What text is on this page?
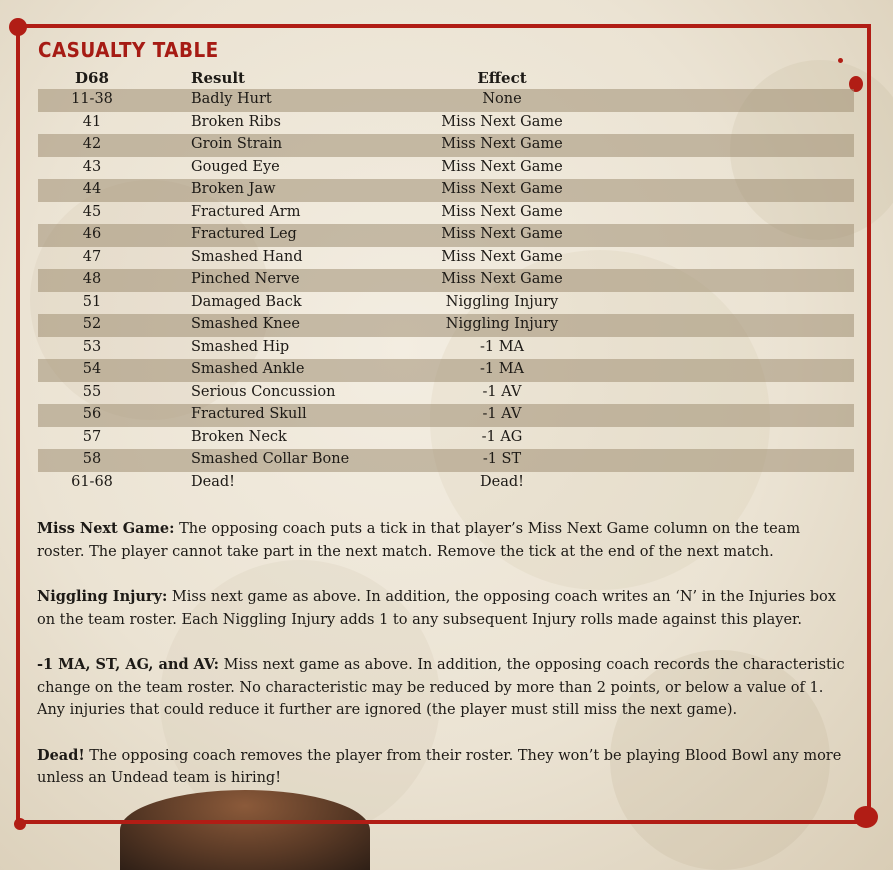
CASUALTY TABLE
D68	Result	Effect
11-38	Badly Hurt	None
41	Broken Ribs	Miss Next Game
42	Groin Strain	Miss Next Game
43	Gouged Eye	Miss Next Game
44	Broken Jaw	Miss Next Game
45	Fractured Arm	Miss Next Game
46	Fractured Leg	Miss Next Game
47	Smashed Hand	Miss Next Game
48	Pinched Nerve	Miss Next Game
51	Damaged Back	Niggling Injury
52	Smashed Knee	Niggling Injury
53	Smashed Hip	-1 MA
54	Smashed Ankle	-1 MA
55	Serious Concussion	-1 AV
56	Fractured Skull	-1 AV
57	Broken Neck	-1 AG
58	Smashed Collar Bone	-1 ST
61-68	Dead!	Dead!

Miss Next Game: The opposing coach puts a tick in that player’s Miss Next Game column on the team roster. The player cannot take part in the next match. Remove the tick at the end of the next match.

Niggling Injury: Miss next game as above. In addition, the opposing coach writes an ‘N’ in the Injuries box on the team roster. Each Niggling Injury adds 1 to any subsequent Injury rolls made against this player.

-1 MA, ST, AG, and AV: Miss next game as above. In addition, the opposing coach records the characteristic change on the team roster. No characteristic may be reduced by more than 2 points, or below a value of 1. Any injuries that could reduce it further are ignored (the player must still miss the next game).

Dead! The opposing coach removes the player from their roster. They won’t be playing Blood Bowl any more unless an Undead team is hiring!
